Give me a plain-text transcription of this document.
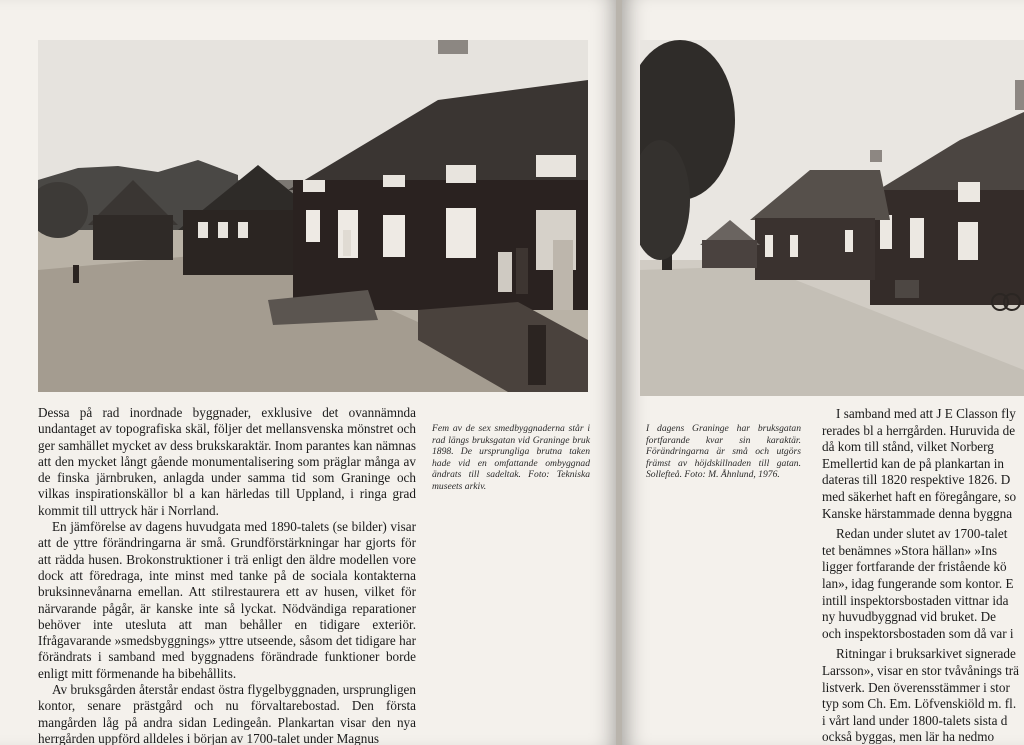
Dessa på rad inordnade byggnader, exklusive det ovannämnda undantaget av topografiska skäl, följer det mellansvenska mönstret och ger samhället mycket av dess brukskaraktär. Inom parantes kan nämnas att den mycket långt gående monumentalisering som präglar många av de finska järnbruken, anlagda under samma tid som Graninge och vilkas inspirationskällor bl a kan härledas till Uppland, i ringa grad kommit till uttryck här i Norrland.

En jämförelse av dagens huvudgata med 1890-talets (se bilder) visar att de yttre förändringarna är små. Grundförstärkningar har gjorts för att rädda husen. Brokonstruktioner i trä enligt den äldre modellen vore dock att föredraga, inte minst med tanke på de sociala kontakterna bruksinnevånarna emellan. Att stilrestaurera ett av husen, vilket för närvarande pågår, är kanske inte så lyckat. Nödvändiga reparationer behöver inte utesluta att man behåller en tidigare exteriör. Ifrågavarande »smedsbyggnings» yttre utseende, såsom det tidigare har förändrats i samband med byggnadens förändrade funktioner borde enligt mitt förmenande ha bibehållits.

Av bruksgården återstår endast östra flygelbyggnaden, ursprungligen kontor, senare prästgård och nu förvaltarebostad. Den första mangården låg på andra sidan Ledingeån. Plankartan visar den nya herrgården uppförd alldeles i början av 1700-talet under Magnus

Fem av de sex smedbyggnaderna står i rad längs bruksgatan vid Graninge bruk 1898. De ursprungliga brutna taken hade vid en omfattande ombyggnad ändrats till sadeltak. Foto: Tekniska museets arkiv.

I dagens Graninge har bruksgatan fortfarande kvar sin karaktär. Förändringarna är små och utgörs främst av höjdskillnaden till gatan. Sollefteå. Foto: M. Åhnlund, 1976.

I samband med att J E Classon fly
rerades bl a herrgården. Huruvida de
då kom till stånd, vilket Norberg
Emellertid kan de på plankartan in
dateras till 1820 respektive 1826. D
med säkerhet haft en föregångare, so
Kanske härstammade denna byggna
Redan under slutet av 1700-talet
tet benämnes »Stora hällan» »Ins
ligger fortfarande der fristående kö
lan», idag fungerande som kontor. E
intill inspektorsbostaden vittnar ida
ny huvudbyggnad vid bruket. De
och inspektorsbostaden som då var i
Ritningar i bruksarkivet signerade
Larsson», visar en stor tvåvånings trä
listverk. Den överensstämmer i stor
typ som Ch. Em. Löfvenskiöld m. fl.
i vårt land under 1800-talets sista d
också byggas, men lär ha nedmo
